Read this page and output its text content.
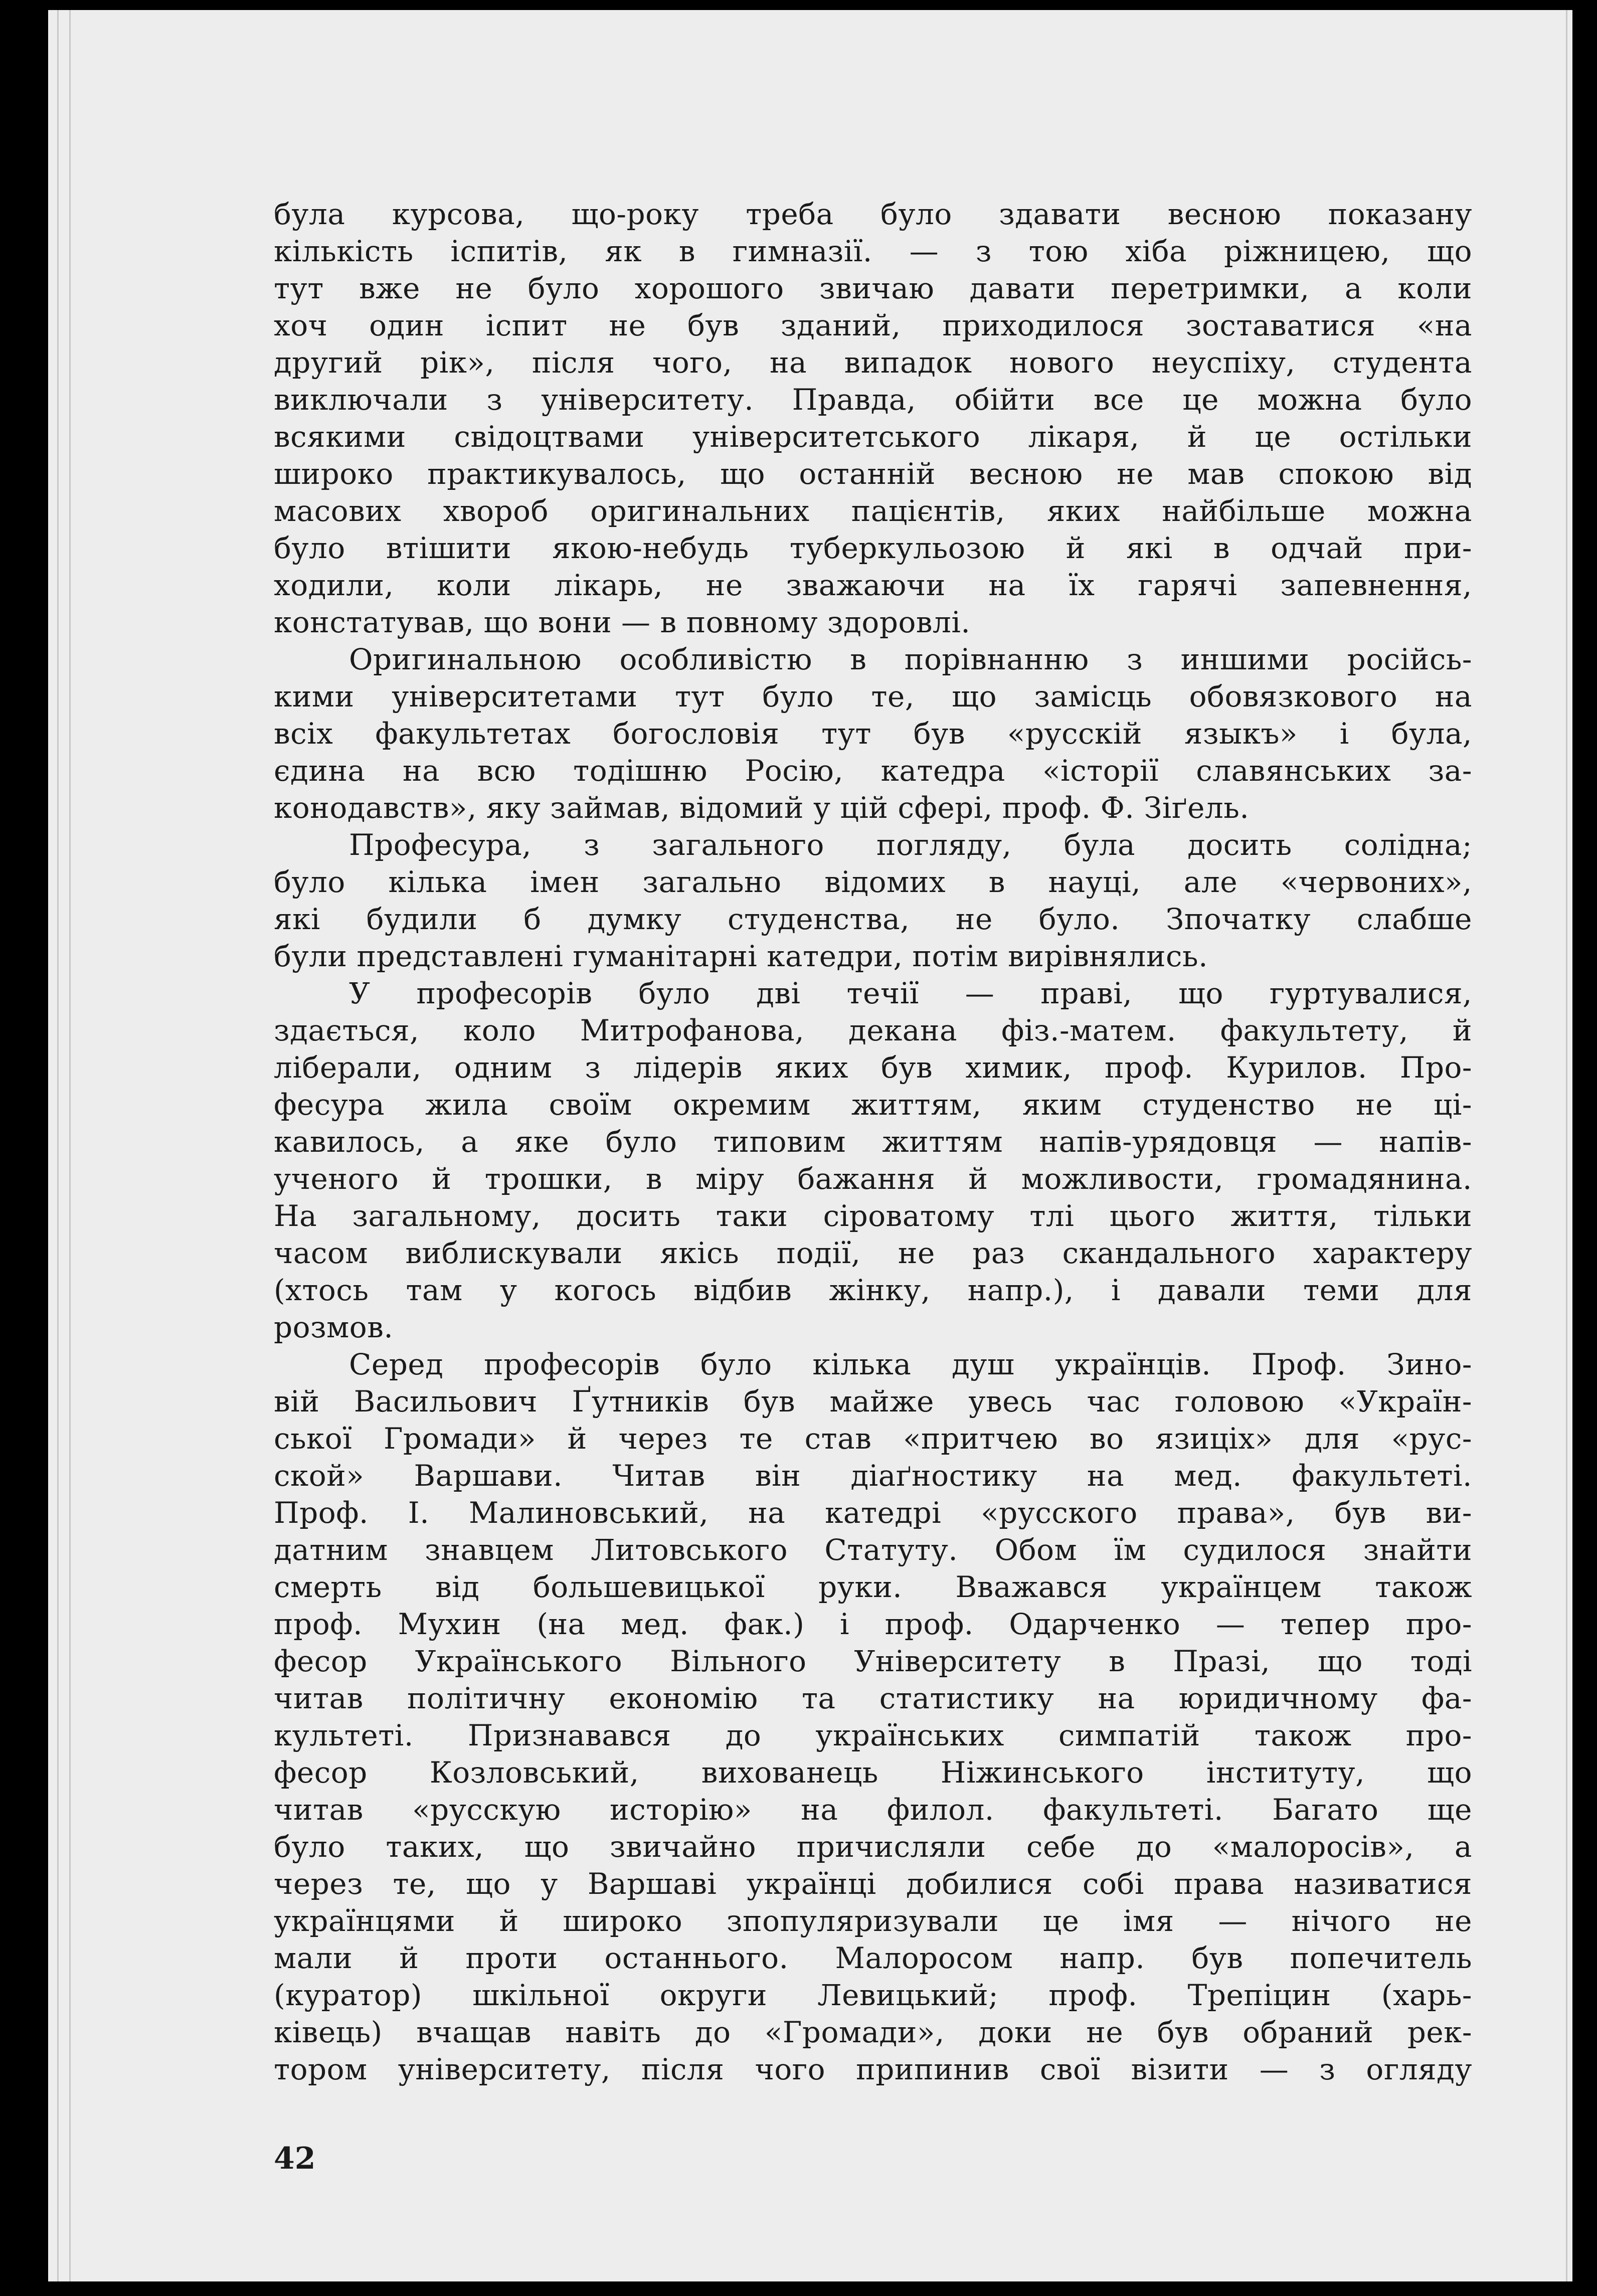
була курсова, що-року треба було здавати весною показану
кількість іспитів, як в гимназії. — з тою хіба ріжницею, що
тут вже не було хорошого звичаю давати перетримки, а коли
хоч один іспит не був зданий, приходилося зоставатися «на
другий рік», після чого, на випадок нового неуспіху, студента
виключали з університету. Правда, обійти все це можна було
всякими свідоцтвами університетського лікаря, й це остільки
широко практикувалось, що останній весною не мав спокою від
масових хвороб оригинальних пацієнтів, яких найбільше можна
було втішити якою-небудь туберкульозою й які в одчай при-
ходили, коли лікарь, не зважаючи на їх гарячі запевнення,
констатував, що вони — в повному здоровлі.
Оригинальною особливістю в порівнанню з иншими російсь-
кими університетами тут було те, що замісць обовязкового на
всіх факультетах богословія тут був «русскій языкъ» і була,
єдина на всю тодішню Росію, катедра «історії славянських за-
конодавств», яку займав, відомий у цій сфері, проф. Ф. Зіґель.
Професура, з загального погляду, була досить солідна;
було кілька імен загально відомих в науці, але «червоних»,
які будили б думку студенства, не було. Зпочатку слабше
були представлені гуманітарні катедри, потім вирівнялись.
У професорів було дві течії — праві, що гуртувалися,
здається, коло Митрофанова, декана фіз.-матем. факультету, й
ліберали, одним з лідерів яких був химик, проф. Курилов. Про-
фесура жила своїм окремим життям, яким студенство не ці-
кавилось, а яке було типовим життям напів-урядовця — напів-
ученого й трошки, в міру бажання й можливости, громадянина.
На загальному, досить таки сіроватому тлі цього життя, тільки
часом виблискували якісь події, не раз скандального характеру
(хтось там у когось відбив жінку, напр.), і давали теми для
розмов.
Серед професорів було кілька душ українців. Проф. Зино-
вій Васильович Ґутників був майже увесь час головою «Україн-
ської Громади» й через те став «притчею во язиціх» для «рус-
ской» Варшави. Читав він діаґностику на мед. факультеті.
Проф. І. Малиновський, на катедрі «русского права», був ви-
датним знавцем Литовського Статуту. Обом їм судилося знайти
смерть від большевицької руки. Вважався українцем також
проф. Мухин (на мед. фак.) і проф. Одарченко — тепер про-
фесор Українського Вільного Університету в Празі, що тоді
читав політичну економію та статистику на юридичному фа-
культеті. Признавався до українських симпатій також про-
фесор Козловський, вихованець Ніжинського інституту, що
читав «русскую исторію» на филол. факультеті. Багато ще
було таких, що звичайно причисляли себе до «малоросів», а
через те, що у Варшаві українці добилися собі права називатися
українцями й широко зпопуляризували це імя — нічого не
мали й проти останнього. Малоросом напр. був попечитель
(куратор) шкільної округи Левицький; проф. Трепіцин (харь-
ківець) вчащав навіть до «Громади», доки не був обраний рек-
тором університету, після чого припинив свої візити — з огляду
42
